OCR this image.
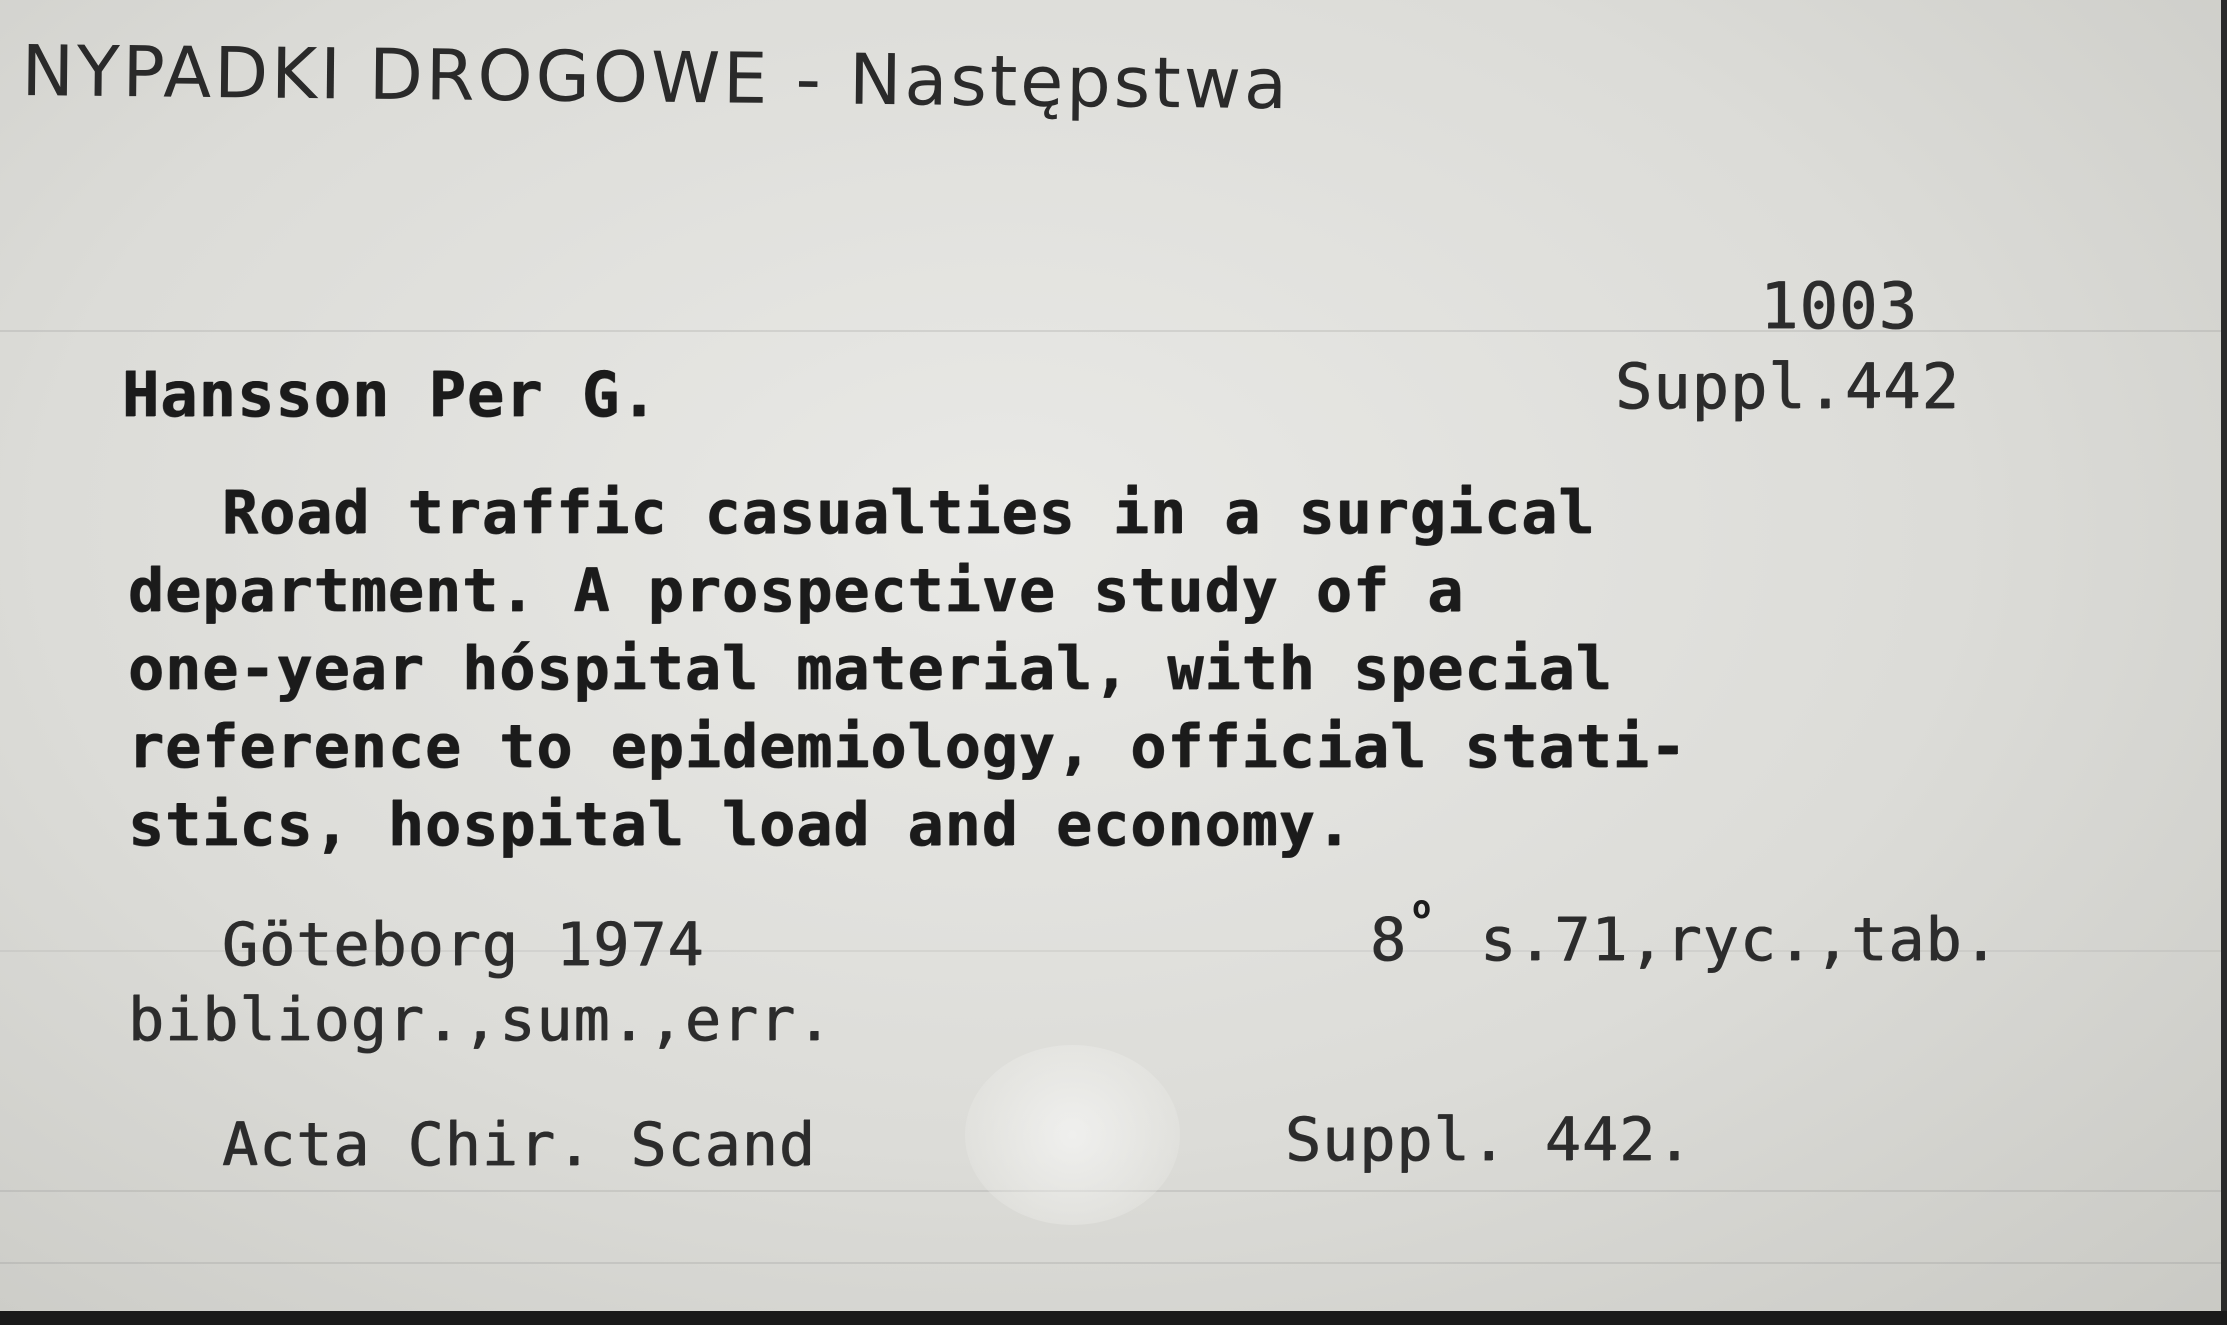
NYPADKI DROGOWE - Następstwa
1003
Hansson Per G.	Suppl.442
Road traffic casualties in a surgical
department. A prospective study of a
one-year hóspital material, with special
reference to epidemiology, official stati-
stics, hospital load and economy.
Göteborg 1974	8 o s.71,ryc.,tab.
bibliogr.,sum.,err.
Acta Chir. Scand	Suppl. 442.
